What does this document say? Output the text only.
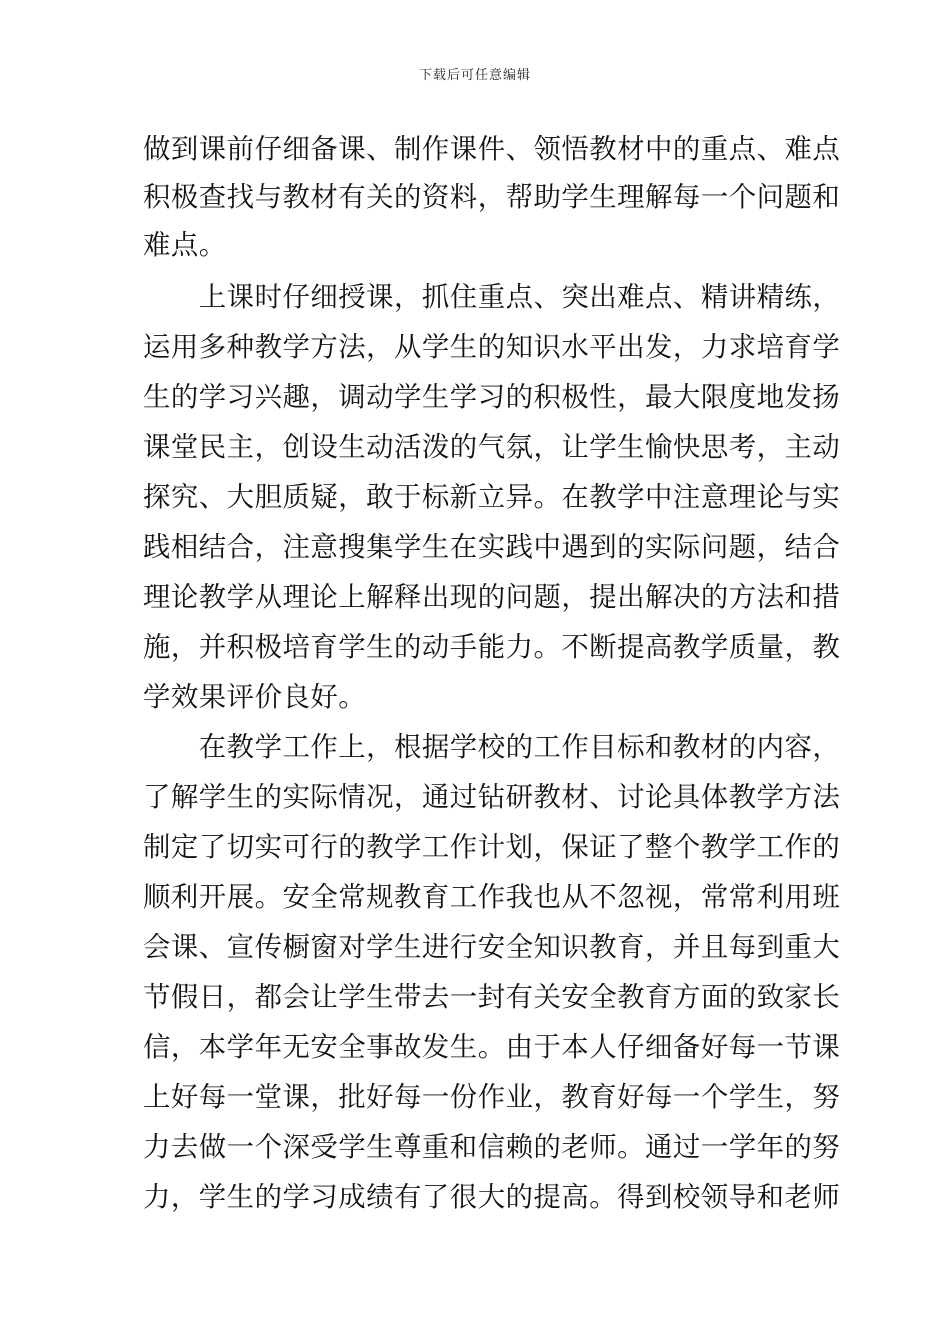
下载后可任意编辑
做到课前仔细备课、制作课件、领悟教材中的重点、难点
积极查找与教材有关的资料，帮助学生理解每一个问题和
难点。
　　上课时仔细授课，抓住重点、突出难点、精讲精练，
运用多种教学方法，从学生的知识水平出发，力求培育学
生的学习兴趣，调动学生学习的积极性，最大限度地发扬
课堂民主，创设生动活泼的气氛，让学生愉快思考，主动
探究、大胆质疑，敢于标新立异。在教学中注意理论与实
践相结合，注意搜集学生在实践中遇到的实际问题，结合
理论教学从理论上解释出现的问题，提出解决的方法和措
施，并积极培育学生的动手能力。不断提高教学质量，教
学效果评价良好。
　　在教学工作上，根据学校的工作目标和教材的内容，
了解学生的实际情况，通过钻研教材、讨论具体教学方法
制定了切实可行的教学工作计划，保证了整个教学工作的
顺利开展。安全常规教育工作我也从不忽视，常常利用班
会课、宣传橱窗对学生进行安全知识教育，并且每到重大
节假日，都会让学生带去一封有关安全教育方面的致家长
信，本学年无安全事故发生。由于本人仔细备好每一节课
上好每一堂课，批好每一份作业，教育好每一个学生，努
力去做一个深受学生尊重和信赖的老师。通过一学年的努
力，学生的学习成绩有了很大的提高。得到校领导和老师
